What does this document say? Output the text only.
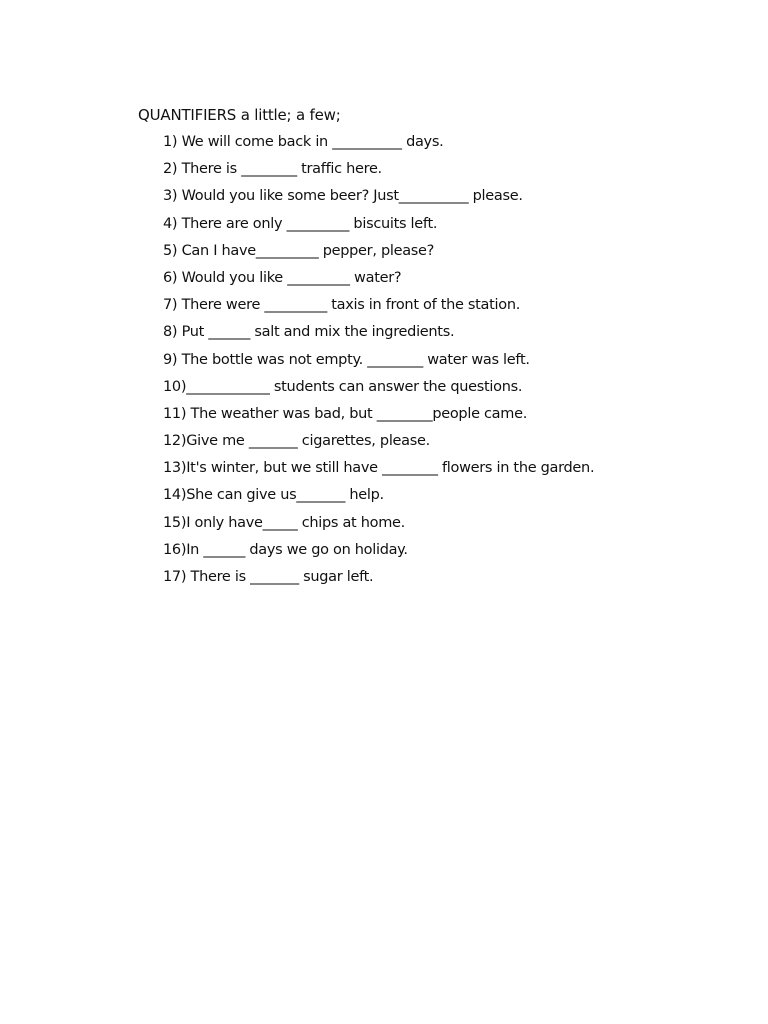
QUANTIFIERS a little; a few;
1) We will come back in __________ days.
2) There is ________ traffic here.
3) Would you like some beer? Just__________ please.
4) There are only _________ biscuits left.
5) Can I have_________ pepper, please?
6) Would you like _________ water?
7) There were _________ taxis in front of the station.
8) Put ______ salt and mix the ingredients.
9) The bottle was not empty. ________ water was left.
10)____________ students can answer the questions.
11) The weather was bad, but ________people came.
12)Give me _______ cigarettes, please.
13)It's winter, but we still have ________ flowers in the garden.
14)She can give us_______ help.
15)I only have_____ chips at home.
16)In ______ days we go on holiday.
17) There is _______ sugar left.
